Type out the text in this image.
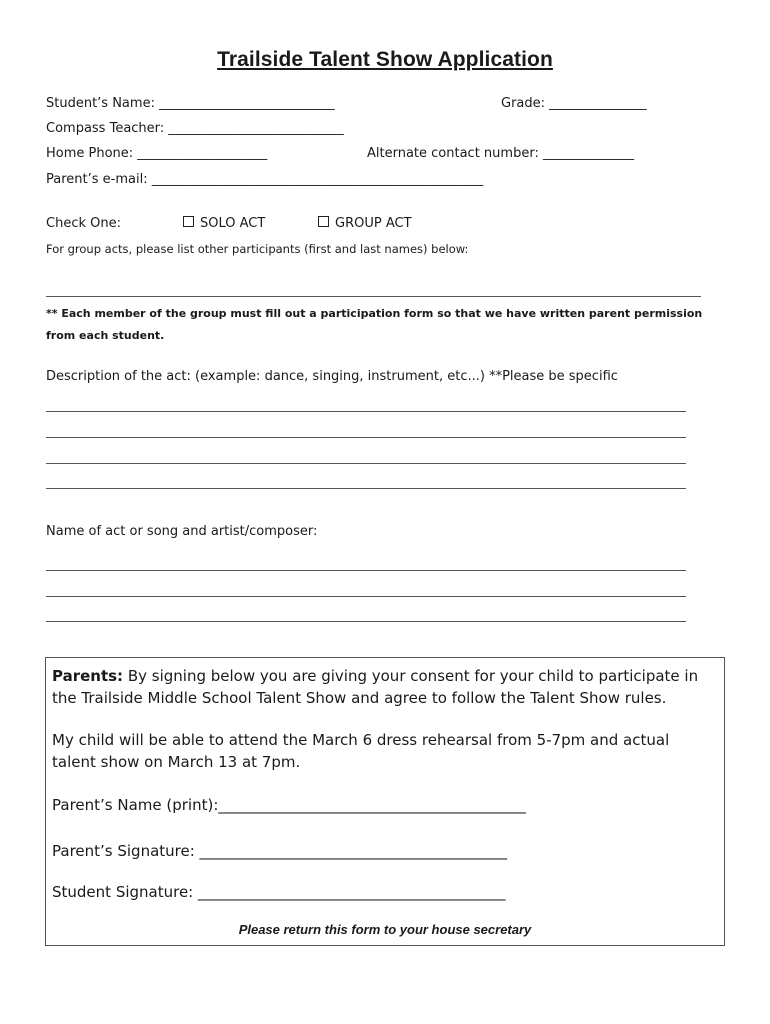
Trailside Talent Show Application
Student’s Name: ___________________________	Grade: _______________
Compass Teacher: ___________________________
Home Phone: ____________________	Alternate contact number: ______________
Parent’s e-mail: ___________________________________________________
Check One:	SOLO ACT	GROUP ACT
For group acts, please list other participants (first and last names) below:
** Each member of the group must fill out a participation form so that we have written parent permission
from each student.
Description of the act: (example: dance, singing, instrument, etc...) **Please be specific
Name of act or song and artist/composer:
Parents: By signing below you are giving your consent for your child to participate in
the Trailside Middle School Talent Show and agree to follow the Talent Show rules.
My child will be able to attend the March 6 dress rehearsal from 5-7pm and actual
talent show on March 13 at 7pm.
Parent’s Name (print):_________________________________________
Parent’s Signature: _________________________________________
Student Signature: _________________________________________
Please return this form to your house secretary
